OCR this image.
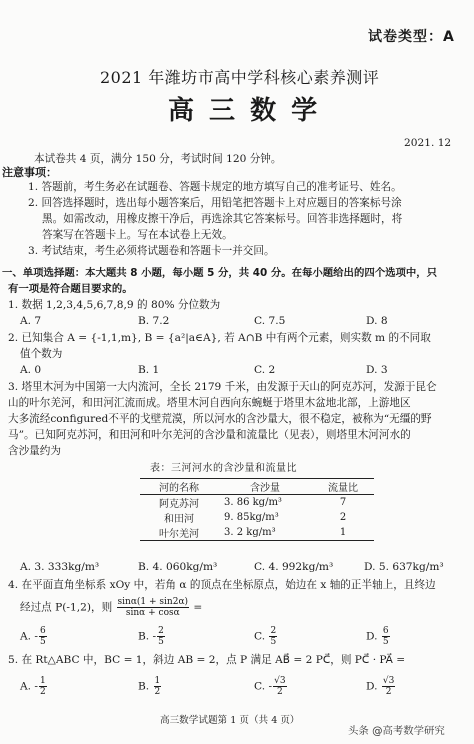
试卷类型：A
2021 年潍坊市高中学科核心素养测评
高 三 数 学
2021. 12
本试卷共 4 页，满分 150 分，考试时间 120 分钟。
注意事项：
1. 答题前，考生务必在试题卷、答题卡规定的地方填写自己的准考证号、姓名。
2. 回答选择题时，选出每小题答案后，用铅笔把答题卡上对应题目的答案标号涂
黑。如需改动，用橡皮擦干净后，再选涂其它答案标号。回答非选择题时，将
答案写在答题卡上。写在本试卷上无效。
3. 考试结束，考生必须将试题卷和答题卡一并交回。
一、单项选择题：本大题共 8 小题，每小题 5 分，共 40 分。在每小题给出的四个选项中，只
有一项是符合题目要求的。
1. 数据 1,2,3,4,5,6,7,8,9 的 80% 分位数为
A. 7	B. 7.2	C. 7.5	D. 8
2. 已知集合 A = {-1,1,m}, B = {a²|a∈A}, 若 A∩B 中有两个元素，则实数 m 的不同取
值个数为
A. 0	B. 1	C. 2	D. 3
3. 塔里木河为中国第一大内流河，全长 2179 千米，由发源于天山的阿克苏河，发源于昆仑
山的叶尔羌河，和田河汇流而成。塔里木河自西向东蜿蜒于塔里木盆地北部，上游地区
大多流经configured不平的戈壁荒漠，所以河水的含沙量大，很不稳定，被称为“无缰的野
马”。已知阿克苏河，和田河和叶尔羌河的含沙量和流量比（见表），则塔里木河河水的
含沙量约为
表：三河河水的含沙量和流量比
河的名称	含沙量	流量比
阿克苏河	3. 86 kg/m³	7
和田河	9. 85kg/m³	2
叶尔羌河	3. 2 kg/m³	1
A. 3. 333kg/m³	B. 4. 060kg/m³	C. 4. 992kg/m³	D. 5. 637kg/m³
4. 在平面直角坐标系 xOy 中，若角 α 的顶点在坐标原点，始边在 x 轴的正半轴上，且终边
经过点 P(-1,2)，则 $\frac{\sin\alpha(1 + \sin 2\alpha)}{\sin\alpha + \cos\alpha}$ =
A. - $\frac{6}{5}$	B. - $\frac{2}{5}$	C. $\frac{2}{5}$	D. $\frac{6}{5}$
5. 在 Rt△ABC 中，BC = 1，斜边 AB = 2，点 P 满足 AB⃗ = 2 PC⃗，则 PC⃗ · PA⃗ =
A. - $\frac{1}{2}$	B. $\frac{1}{2}$	C. - $\frac{√3}{2}$	D. $\frac{√3}{2}$
高三数学试题第 1 页（共 4 页）
头条 @高考数学研究
